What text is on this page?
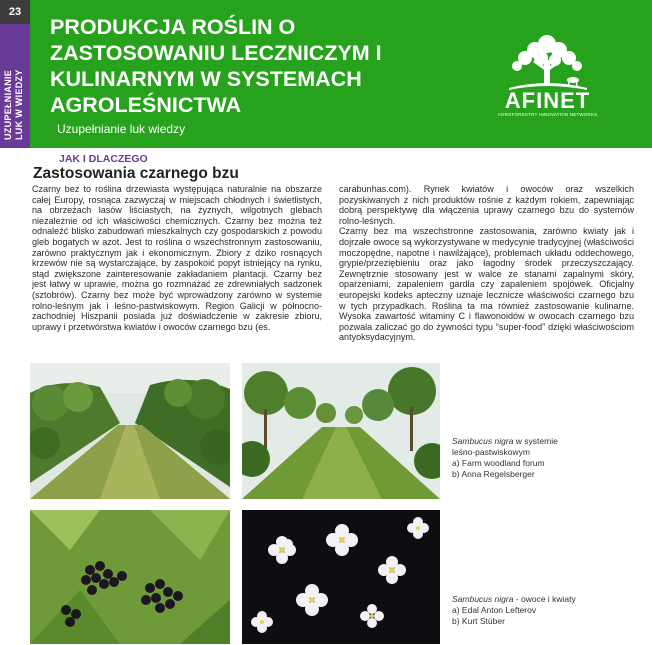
23
UZUPEŁNIANIE LUK W WIEDZY
PRODUKCJA ROŚLIN O
ZASTOSOWANIU LECZNICZYM I
KULINARNYM W SYSTEMACH
AGROLEŚNICTWA
Uzupełnianie luk wiedzy
AFINET
AGROFORESTRY INNOVATION NETWORKS
JAK I DLACZEGO
Zastosowania czarnego bzu
Czarny bez to roślina drzewiasta występująca naturalnie na obszarze całej Europy, rosnąca zazwyczaj w miejscach chłodnych i świetlistych, na obrzeżach lasów liściastych, na żyznych, wilgotnych glebach niezależnie od ich właściwości chemicznych. Czarny bez można też odnaleźć blisko zabudowań mieszkalnych czy gospodarskich z powodu gleb bogatych w azot. Jest to roślina o wszechstronnym zastosowaniu, zarówno praktycznym jak i ekonomicznym. Zbiory z dziko rosnących krzewów nie są wystarczające, by zaspokoić popyt istniejący na rynku, stąd zwiększone zainteresowanie zakładaniem plantacji. Czarny bez jest łatwy w uprawie, można go rozmnażać ze zdrewniałych sadzonek (sztobrów). Czarny bez może być wprowadzony zarówno w systemie rolno-leśnym jak i leśno-pastwiskowym. Region Galicji w północno-zachodniej Hiszpanii posiada już doświadczenie w zakresie zbioru, uprawy i przetwórstwa kwiatów i owoców czarnego bzu (es.
carabunhas.com). Rynek kwiatów i owoców oraz wszelkich pozyskiwanych z nich produktów rośnie z każdym rokiem, zapewniając dobrą perspektywę dla włączenia uprawy czarnego bzu do systemów rolno-leśnych.
Czarny bez ma wszechstronne zastosowania, zarówno kwiaty jak i dojrzałe owoce są wykorzystywane w medycynie tradycyjnej (właściwości moczopędne, napotne i nawilżające), problemach układu oddechowego, grypie/przeziębieniu oraz jako łagodny środek przeczyszczający. Zewnętrznie stosowany jest w walce ze stanami zapalnymi skóry, oparzeniami, zapaleniem gardła czy zapaleniem spojówek. Oficjalny europejski kodeks apteczny uznaje lecznicze właściwości czarnego bzu w tych przypadkach. Roślina ta ma również zastosowanie kulinarne. Wysoka zawartość witaminy C i flawonoidów w owocach czarnego bzu pozwala zaliczać go do żywności typu “super-food” dzięki właściwościom antyoksydacyjnym.
Sambucus nigra w systemie
leśno-pastwiskowym
a) Farm woodland forum
b) Anna Regelsberger
Sambucus nigra - owoce i kwiaty
a) Edal Anton Lefterov
b) Kurt Stüber
